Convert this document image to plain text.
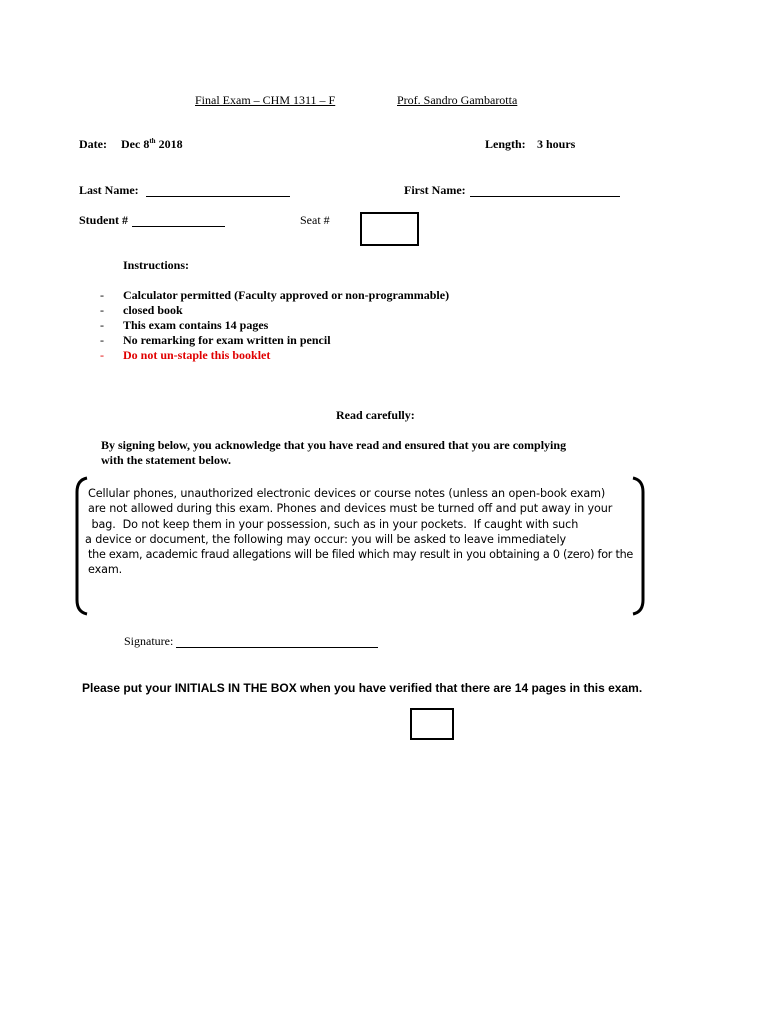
Final Exam – CHM 1311 – F	Prof. Sandro Gambarotta
Date: Dec 8th 2018	Length: 3 hours
Last Name:	First Name:
Student #	Seat #
Instructions:
- Calculator permitted (Faculty approved or non-programmable)
- closed book
- This exam contains 14 pages
- No remarking for exam written in pencil
- Do not un-staple this booklet
Read carefully:
By signing below, you acknowledge that you have read and ensured that you are complying
with the statement below.
Cellular phones, unauthorized electronic devices or course notes (unless an open-book exam)
are not allowed during this exam. Phones and devices must be turned off and put away in your
bag.  Do not keep them in your possession, such as in your pockets.  If caught with such
a device or document, the following may occur: you will be asked to leave immediately
the exam, academic fraud allegations will be filed which may result in you obtaining a 0 (zero) for the
exam.
Signature:
Please put your INITIALS IN THE BOX when you have verified that there are 14 pages in this exam.
